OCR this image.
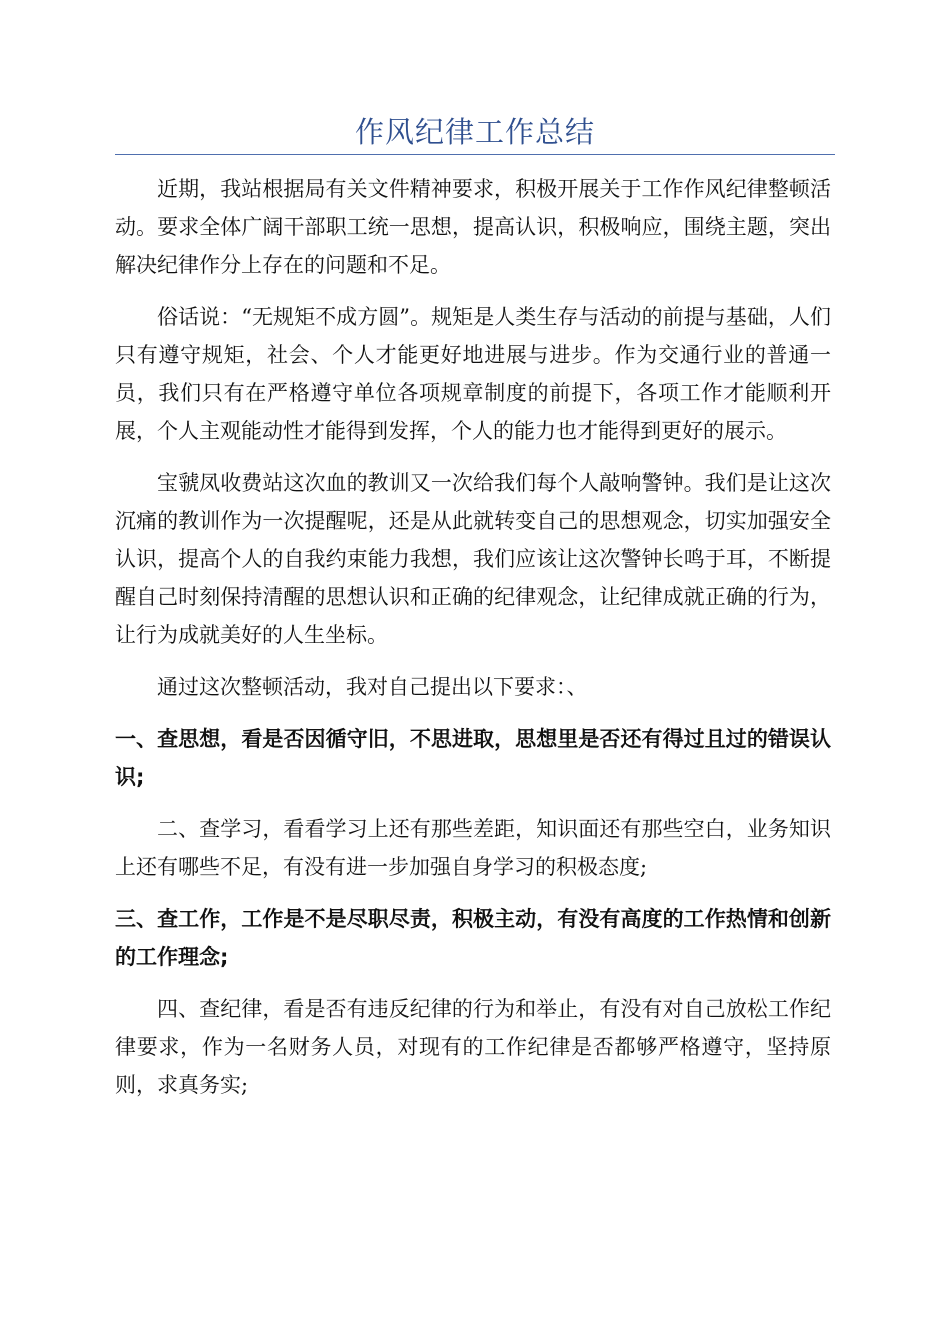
作风纪律工作总结

近期，我站根据局有关文件精神要求，积极开展关于工作作风纪律整顿活动。要求全体广阔干部职工统一思想，提高认识，积极响应，围绕主题，突出解决纪律作分上存在的问题和不足。

俗话说：“无规矩不成方圆”。规矩是人类生存与活动的前提与基础，人们只有遵守规矩，社会、个人才能更好地进展与进步。作为交通行业的普通一员，我们只有在严格遵守单位各项规章制度的前提下，各项工作才能顺利开展，个人主观能动性才能得到发挥，个人的能力也才能得到更好的展示。

宝虢凤收费站这次血的教训又一次给我们每个人敲响警钟。我们是让这次沉痛的教训作为一次提醒呢，还是从此就转变自己的思想观念，切实加强安全认识，提高个人的自我约束能力我想，我们应该让这次警钟长鸣于耳，不断提醒自己时刻保持清醒的思想认识和正确的纪律观念，让纪律成就正确的行为，让行为成就美好的人生坐标。

通过这次整顿活动，我对自己提出以下要求：、

一、查思想，看是否因循守旧，不思进取，思想里是否还有得过且过的错误认识;

二、查学习，看看学习上还有那些差距，知识面还有那些空白，业务知识上还有哪些不足，有没有进一步加强自身学习的积极态度;

三、查工作，工作是不是尽职尽责，积极主动，有没有高度的工作热情和创新的工作理念;

四、查纪律，看是否有违反纪律的行为和举止，有没有对自己放松工作纪律要求，作为一名财务人员，对现有的工作纪律是否都够严格遵守，坚持原则，求真务实;
